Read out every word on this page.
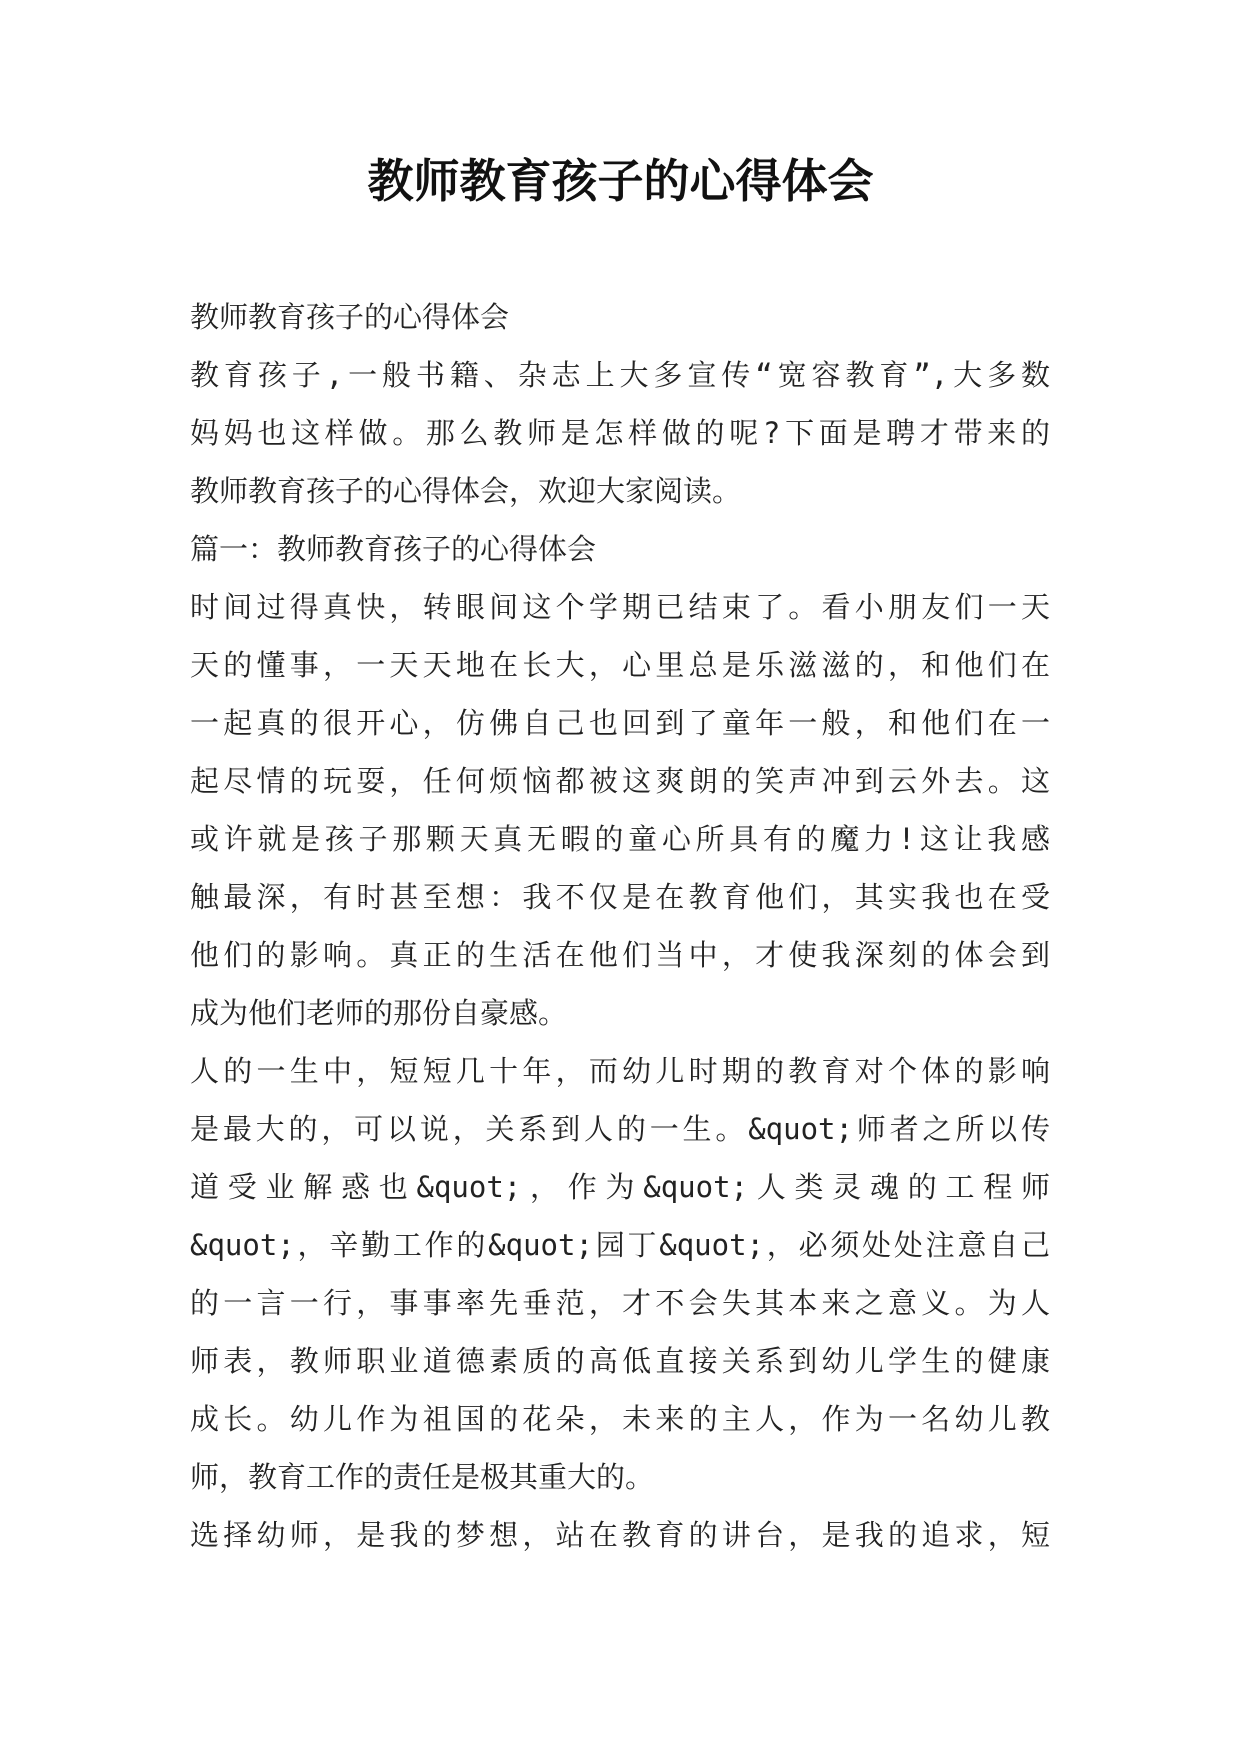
教师教育孩子的心得体会
教师教育孩子的心得体会
教育孩子,一般书籍、杂志上大多宣传“宽容教育”,大多数
妈妈也这样做。那么教师是怎样做的呢?下面是聘才带来的
教师教育孩子的心得体会，欢迎大家阅读。
篇一：教师教育孩子的心得体会
时间过得真快，转眼间这个学期已结束了。看小朋友们一天
天的懂事，一天天地在长大，心里总是乐滋滋的，和他们在
一起真的很开心，仿佛自己也回到了童年一般，和他们在一
起尽情的玩耍，任何烦恼都被这爽朗的笑声冲到云外去。这
或许就是孩子那颗天真无暇的童心所具有的魔力!这让我感
触最深，有时甚至想：我不仅是在教育他们，其实我也在受
他们的影响。真正的生活在他们当中，才使我深刻的体会到
成为他们老师的那份自豪感。
人的一生中，短短几十年，而幼儿时期的教育对个体的影响
是最大的，可以说，关系到人的一生。&quot;师者之所以传
道受业解惑也&quot;，作为&quot;人类灵魂的工程师
&quot;，辛勤工作的&quot;园丁&quot;，必须处处注意自己
的一言一行，事事率先垂范，才不会失其本来之意义。为人
师表，教师职业道德素质的高低直接关系到幼儿学生的健康
成长。幼儿作为祖国的花朵，未来的主人，作为一名幼儿教
师，教育工作的责任是极其重大的。
选择幼师，是我的梦想，站在教育的讲台，是我的追求，短
